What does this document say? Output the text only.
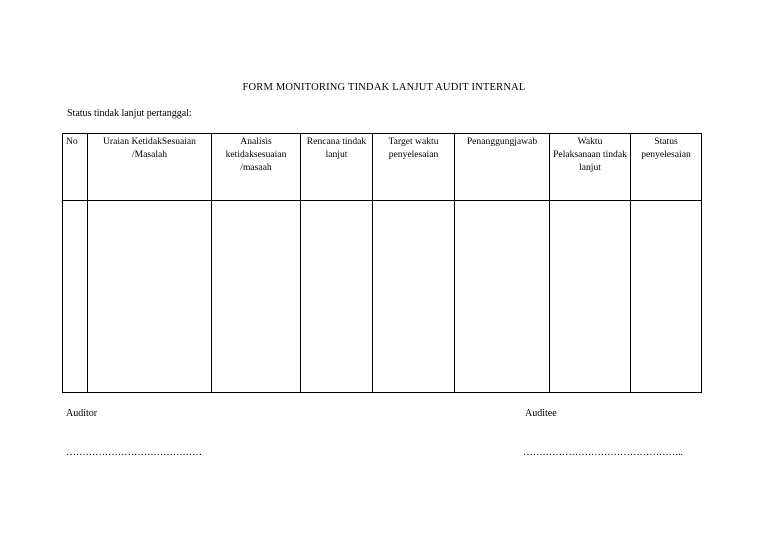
FORM MONITORING TINDAK LANJUT AUDIT INTERNAL
Status tindak lanjut pertanggal:
No	Uraian KetidakSesuaian /Masalah	Analisis ketidaksesuaian /masaah	Rencana tindak lanjut	Target waktu penyelesaian	Penanggungjawab	Waktu Pelaksanaan tindak lanjut	Status penyelesaian

Auditor	Auditee
……………………………………	…………………………………………..
